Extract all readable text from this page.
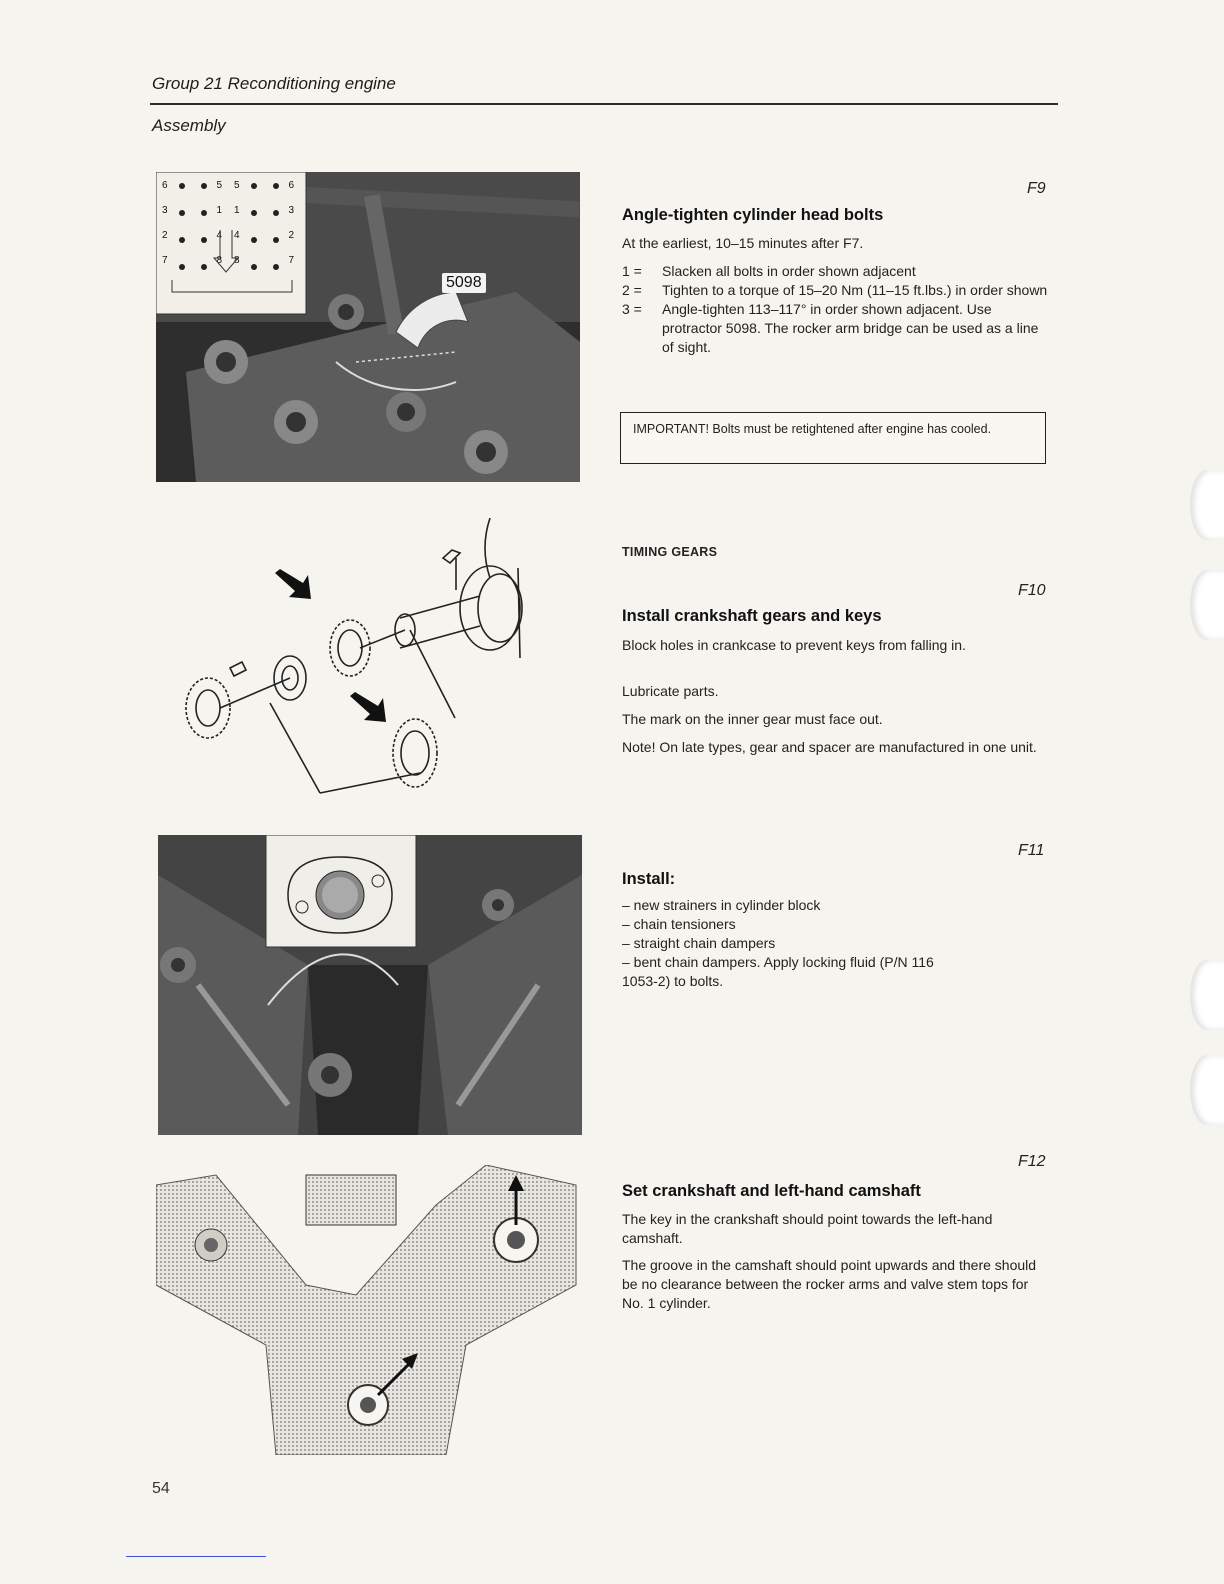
Group 21 Reconditioning engine
Assembly
5098
6	5
3	1
2	4
7	8
5	6
1	3
4	2
8	7
F9
Angle-tighten cylinder head bolts
At the earliest, 10–15 minutes after F7.
1 =	Slacken all bolts in order shown adjacent
2 =	Tighten to a torque of 15–20 Nm (11–15 ft.lbs.) in order shown
3 =	Angle-tighten 113–117° in order shown adjacent. Use protractor 5098. The rocker arm bridge can be used as a line of sight.
IMPORTANT! Bolts must be retightened after engine has cooled.
TIMING GEARS
F10
Install crankshaft gears and keys
Block holes in crankcase to prevent keys from falling in.
Lubricate parts.
The mark on the inner gear must face out.
Note! On late types, gear and spacer are manufactured in one unit.
F11
Install:
– new strainers in cylinder block
– chain tensioners
– straight chain dampers
– bent chain dampers. Apply locking fluid (P/N 116 1053-2) to bolts.
F12
Set crankshaft and left-hand camshaft
The key in the crankshaft should point towards the left-hand camshaft.
The groove in the camshaft should point upwards and there should be no clearance between the rocker arms and valve stem tops for No. 1 cylinder.
54
